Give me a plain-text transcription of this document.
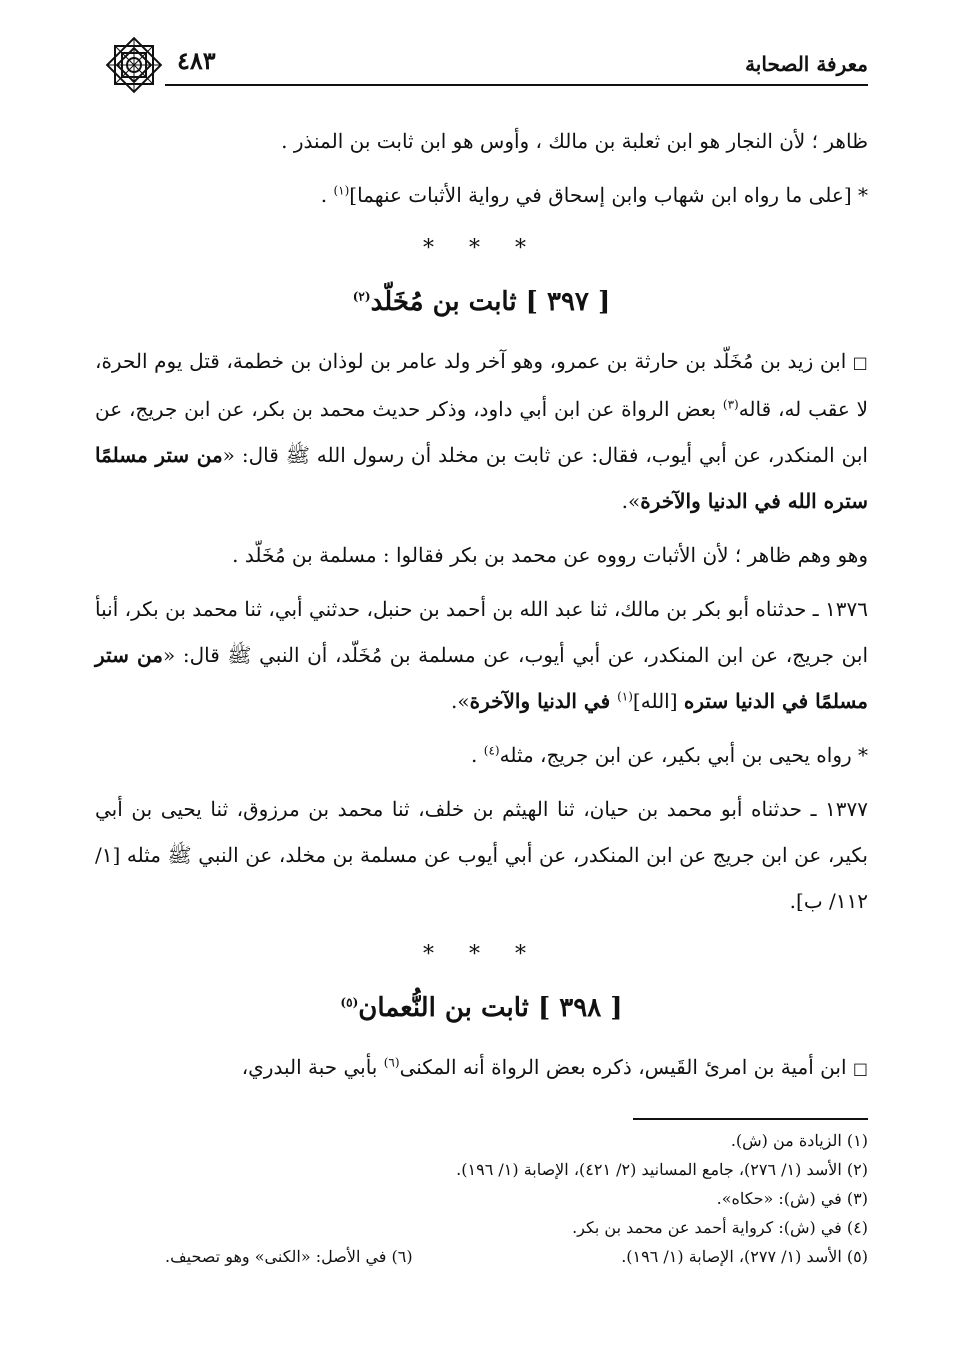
معرفة الصحابة
٤٨٣

ظاهر ؛ لأن النجار هو ابن ثعلبة بن مالك ، وأوس هو ابن ثابت بن المنذر .

* [على ما رواه ابن شهاب وابن إسحاق في رواية الأثبات عنهما]$^{(١)}$ .

* * *
[ ٣٩٧ ] ثابت بن مُخَلّد$^{(٢)}$

□ ابن زيد بن مُخَلّد بن حارثة بن عمرو، وهو آخر ولد عامر بن لوذان بن خطمة، قتل يوم الحرة، لا عقب له، قاله$^{(٣)}$ بعض الرواة عن ابن أبي داود، وذكر حديث محمد بن بكر، عن ابن جريج، عن ابن المنكدر، عن أبي أيوب، فقال: عن ثابت بن مخلد أن رسول الله ﷺ قال: «من ستر مسلمًا ستره الله في الدنيا والآخرة».

وهو وهم ظاهر ؛ لأن الأثبات رووه عن محمد بن بكر فقالوا : مسلمة بن مُخَلّد .

١٣٧٦ ـ حدثناه أبو بكر بن مالك، ثنا عبد الله بن أحمد بن حنبل، حدثني أبي، ثنا محمد بن بكر، أنبأ ابن جريج، عن ابن المنكدر، عن أبي أيوب، عن مسلمة بن مُخَلّد، أن النبي ﷺ قال: «من ستر مسلمًا في الدنيا ستره [الله]$^{(١)}$ في الدنيا والآخرة».

* رواه يحيى بن أبي بكير، عن ابن جريج، مثله$^{(٤)}$ .

١٣٧٧ ـ حدثناه أبو محمد بن حيان، ثنا الهيثم بن خلف، ثنا محمد بن مرزوق، ثنا يحيى بن أبي بكير، عن ابن جريج عن ابن المنكدر، عن أبي أيوب عن مسلمة بن مخلد، عن النبي ﷺ مثله [١/ ١١٢/ ب].

* * *
[ ٣٩٨ ] ثابت بن النُّعمان$^{(٥)}$

□ ابن أمية بن امرئ القَيس، ذكره بعض الرواة أنه المكنى$^{(٦)}$ بأبي حبة البدري،

(١) الزيادة من (ش).
(٢) الأسد (١/ ٢٧٦)، جامع المسانيد (٢/ ٤٢١)، الإصابة (١/ ١٩٦).
(٣) في (ش): «حكاه».
(٤) في (ش): كرواية أحمد عن محمد بن بكر.
(٥) الأسد (١/ ٢٧٧)، الإصابة (١/ ١٩٦).
(٦) في الأصل: «الكنى» وهو تصحيف.
